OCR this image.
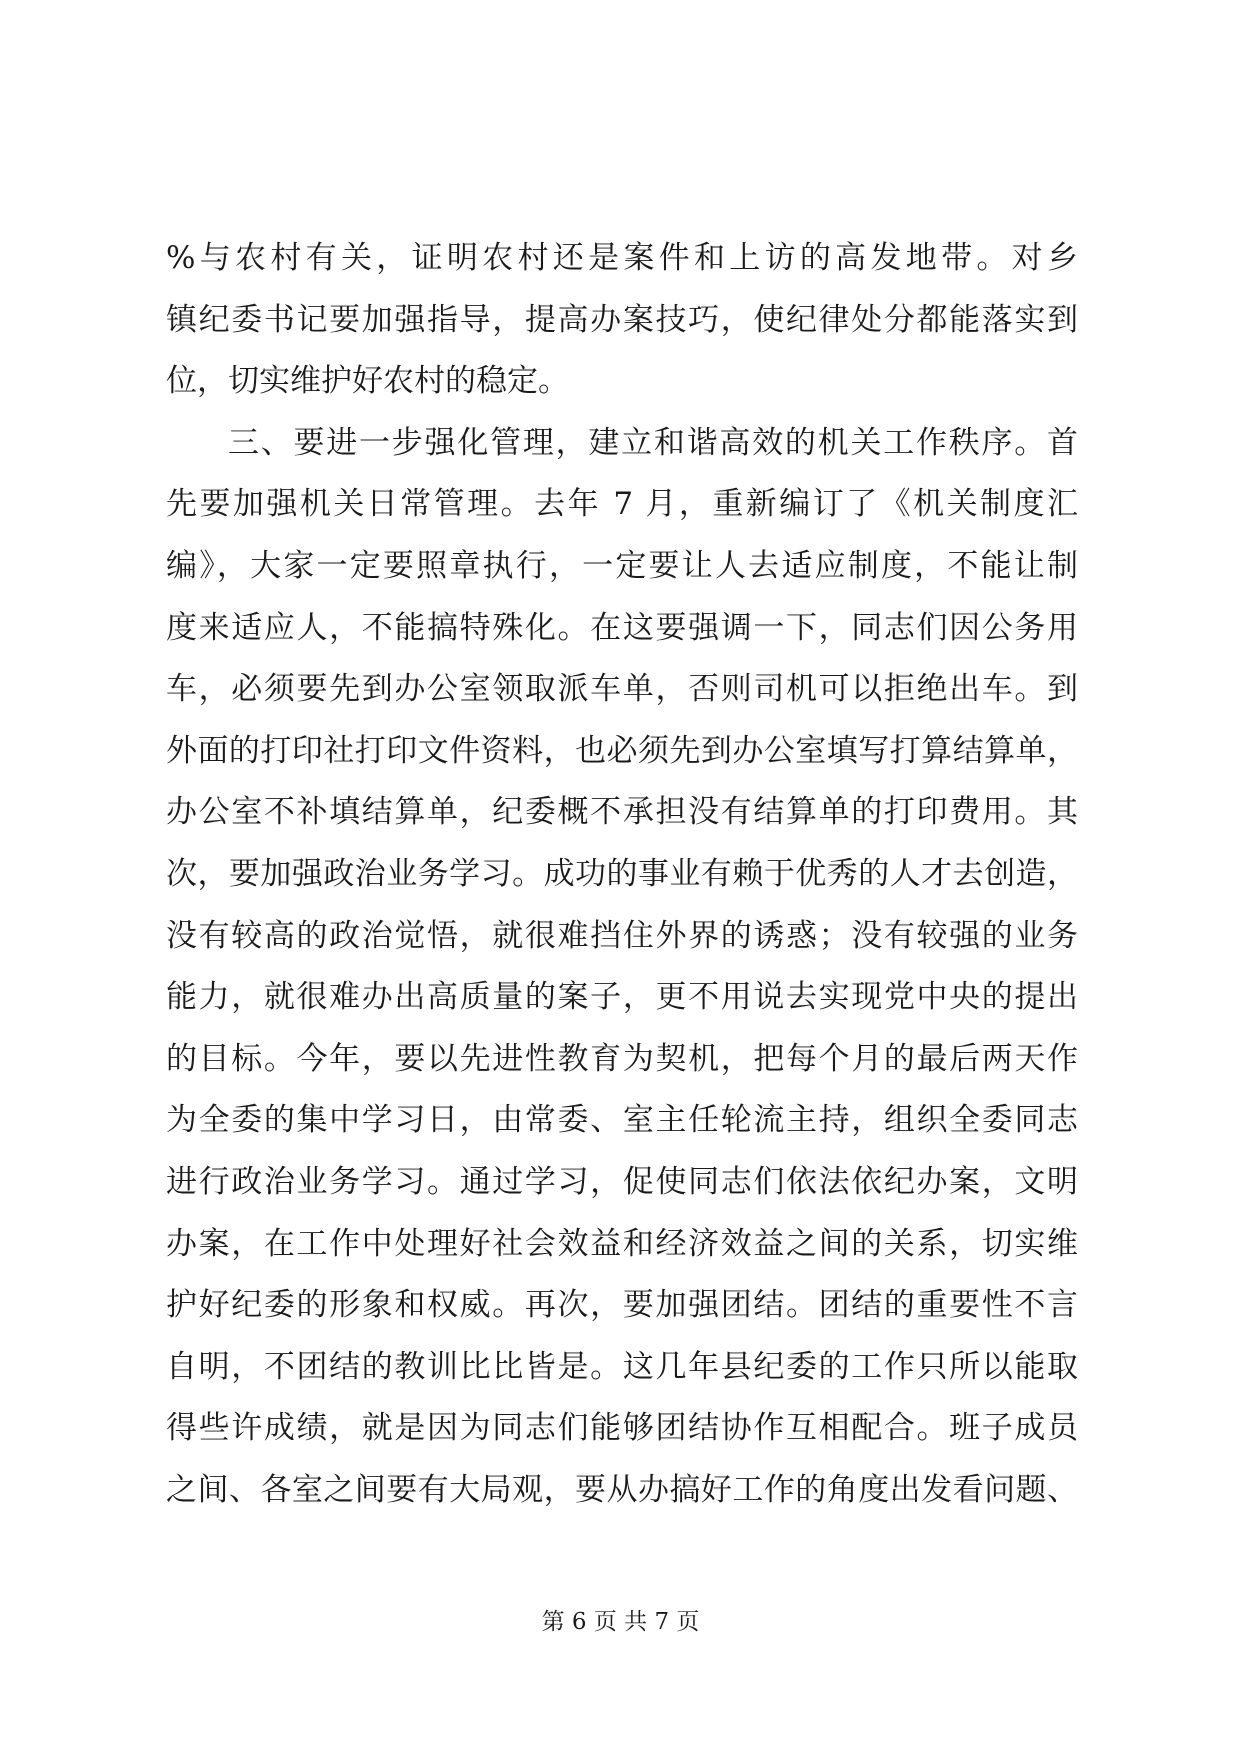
%与农村有关，证明农村还是案件和上访的高发地带。对乡
镇纪委书记要加强指导，提高办案技巧，使纪律处分都能落实到
位，切实维护好农村的稳定。
三、要进一步强化管理，建立和谐高效的机关工作秩序。首
先要加强机关日常管理。去年 7 月，重新编订了《机关制度汇
编》，大家一定要照章执行，一定要让人去适应制度，不能让制
度来适应人，不能搞特殊化。在这要强调一下，同志们因公务用
车，必须要先到办公室领取派车单，否则司机可以拒绝出车。到
外面的打印社打印文件资料，也必须先到办公室填写打算结算单，
办公室不补填结算单，纪委概不承担没有结算单的打印费用。其
次，要加强政治业务学习。成功的事业有赖于优秀的人才去创造，
没有较高的政治觉悟，就很难挡住外界的诱惑；没有较强的业务
能力，就很难办出高质量的案子，更不用说去实现党中央的提出
的目标。今年，要以先进性教育为契机，把每个月的最后两天作
为全委的集中学习日，由常委、室主任轮流主持，组织全委同志
进行政治业务学习。通过学习，促使同志们依法依纪办案，文明
办案，在工作中处理好社会效益和经济效益之间的关系，切实维
护好纪委的形象和权威。再次，要加强团结。团结的重要性不言
自明，不团结的教训比比皆是。这几年县纪委的工作只所以能取
得些许成绩，就是因为同志们能够团结协作互相配合。班子成员
之间、各室之间要有大局观，要从办搞好工作的角度出发看问题、
第 6 页 共 7 页
